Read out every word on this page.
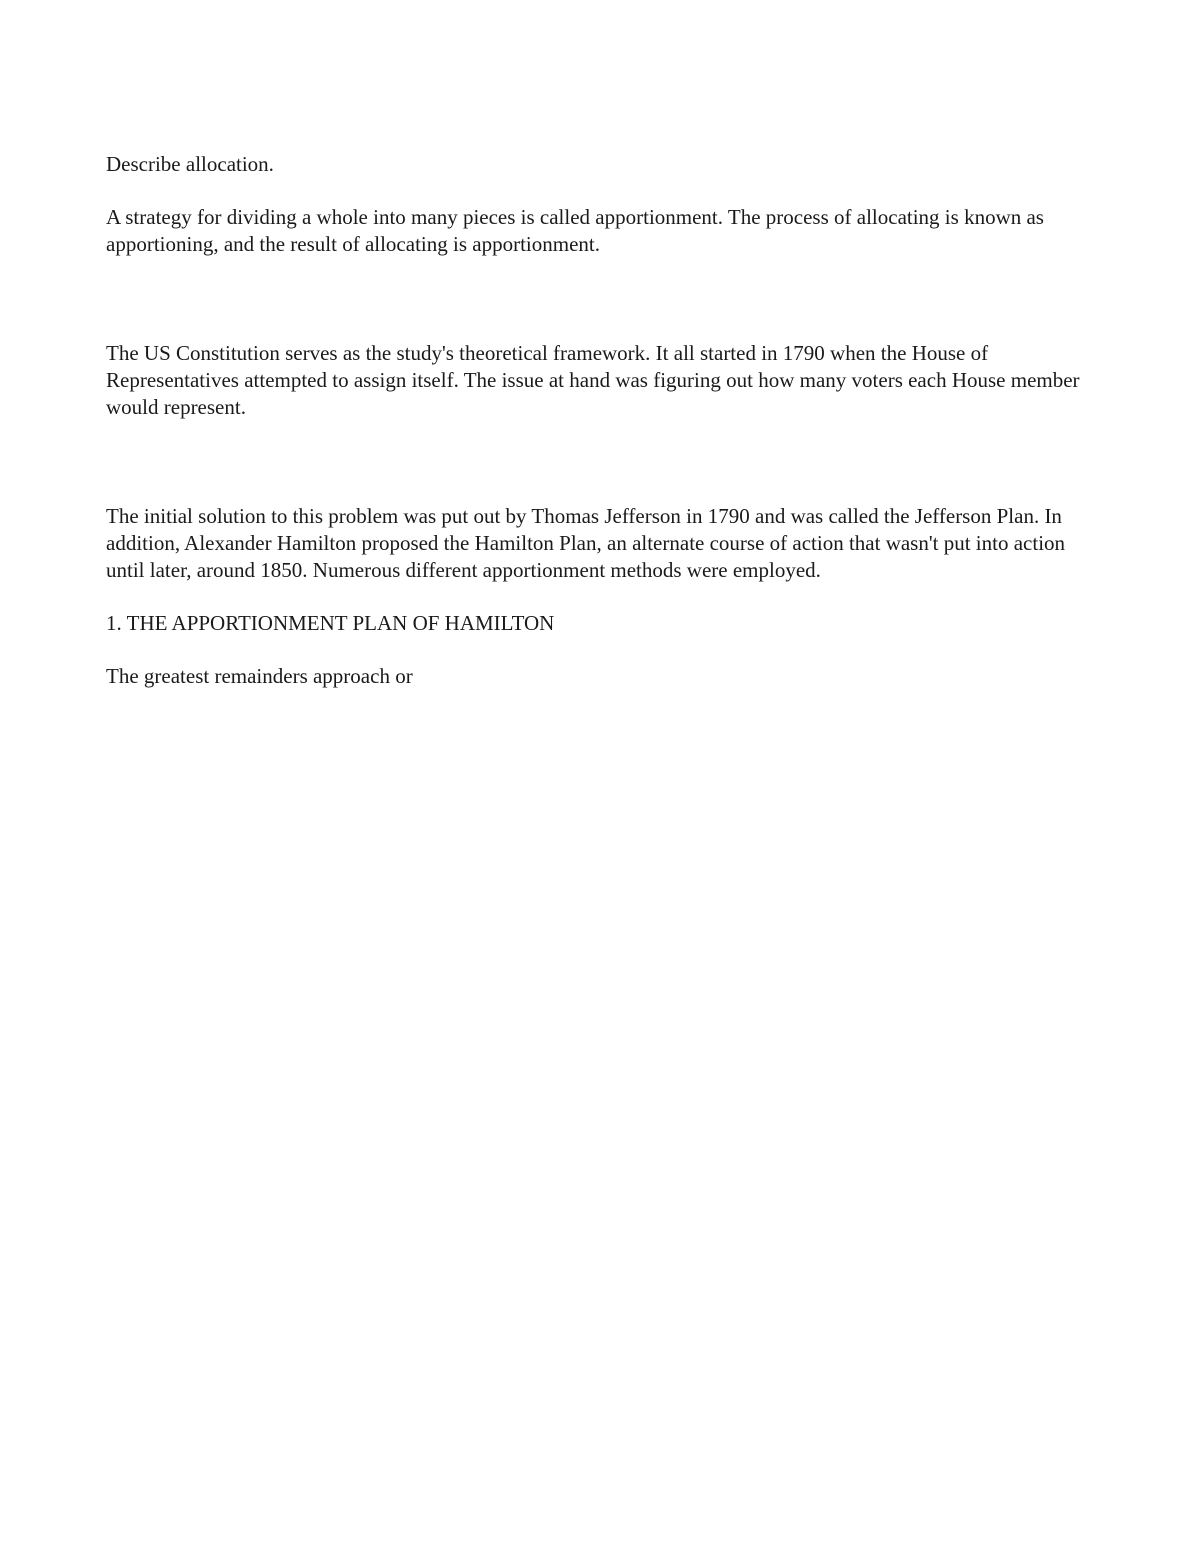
Describe allocation.

A strategy for dividing a whole into many pieces is called apportionment. The process of allocating is known as apportioning, and the result of allocating is apportionment.

The US Constitution serves as the study's theoretical framework. It all started in 1790 when the House of Representatives attempted to assign itself. The issue at hand was figuring out how many voters each House member would represent.

The initial solution to this problem was put out by Thomas Jefferson in 1790 and was called the Jefferson Plan. In addition, Alexander Hamilton proposed the Hamilton Plan, an alternate course of action that wasn't put into action until later, around 1850. Numerous different apportionment methods were employed.

1. THE APPORTIONMENT PLAN OF HAMILTON

The greatest remainders approach or
